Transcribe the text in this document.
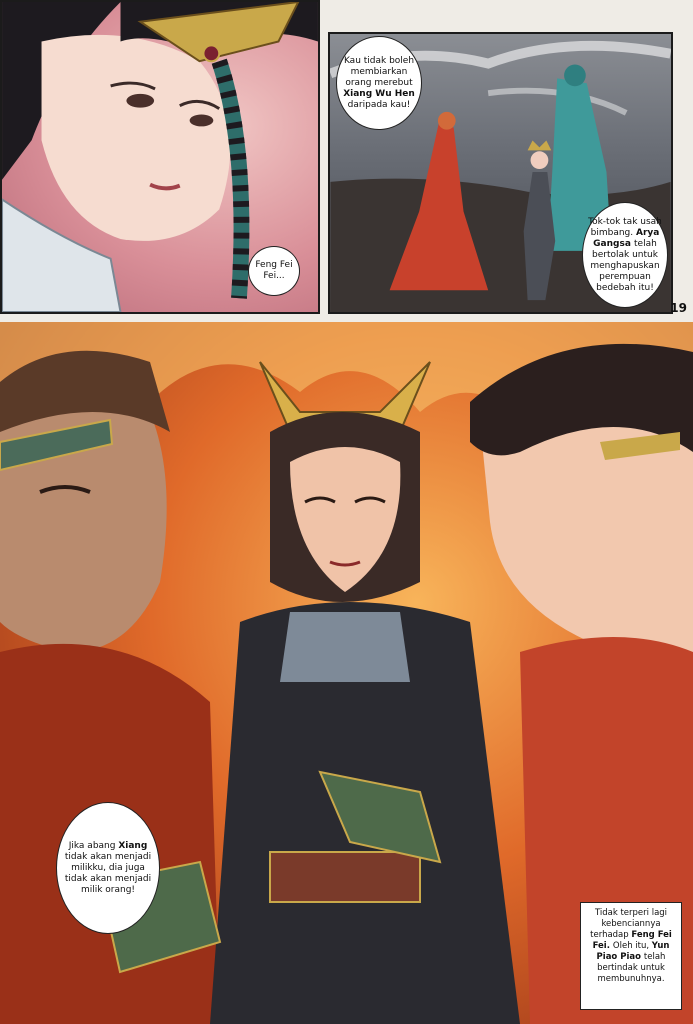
Feng Fei Fei...
Kau tidak boleh membiarkan orang merebut Xiang Wu Hen daripada kau!
Tok-tok tak usah bimbang. Arya Gangsa telah bertolak untuk menghapuskan perempuan bedebah itu!
19
Jika abang Xiang tidak akan menjadi milikku, dia juga tidak akan menjadi milik orang!
Tidak terperi lagi kebenciannya terhadap Feng Fei Fei. Oleh itu, Yun Piao Piao telah bertindak untuk membunuhnya.
